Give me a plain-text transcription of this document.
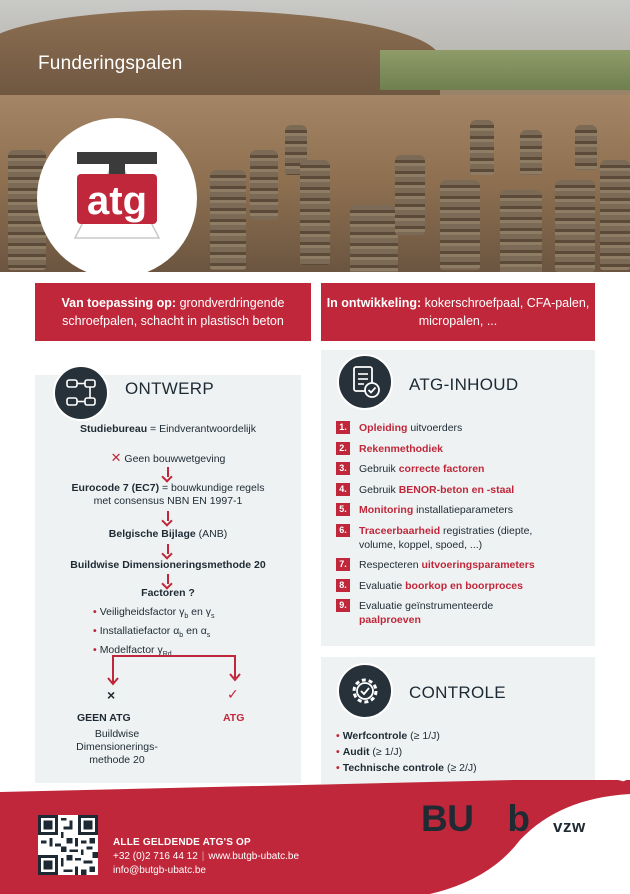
Funderingspalen
atg
Van toepassing op: grondverdringende schroefpalen, schacht in plastisch beton
In ontwikkeling: kokerschroefpaal, CFA-palen, micropalen, ...
ONTWERP
Studiebureau = Eindverantwoordelijk
✕ Geen bouwwetgeving
Eurocode 7 (EC7) = bouwkundige regels
met consensus NBN EN 1997-1
Belgische Bijlage (ANB)
Buildwise Dimensioneringsmethode 20
Factoren ?
• Veiligheidsfactor $\gamma_b$ en $\gamma_s$
• Installatiefactor $\alpha_b$ en $\alpha_s$
• Modelfactor $\gamma_{Rd}$
×	✓
GEEN ATG	ATG
Buildwise
Dimensionerings-
methode 20
ATG-INHOUD
1.	Opleiding uitvoerders
2.	Rekenmethodiek
3.	Gebruik correcte factoren
4.	Gebruik BENOR-beton en -staal
5.	Monitoring installatieparameters
6.	Traceerbaarheid registraties (diepte,
volume, koppel, spoed, ...)
7.	Respecteren uitvoeringsparameters
8.	Evaluatie boorkop en boorproces
9.	Evaluatie geïnstrumenteerde
paalproeven
CONTROLE
• Werfcontrole (≥ 1/J)
• Audit (≥ 1/J)
• Technische controle (≥ 2/J)
ALLE GELDENDE ATG'S OP
+32 (0)2 716 44 12 | www.butgb-ubatc.be
info@butgb-ubatc.be
BUtgb vzw
